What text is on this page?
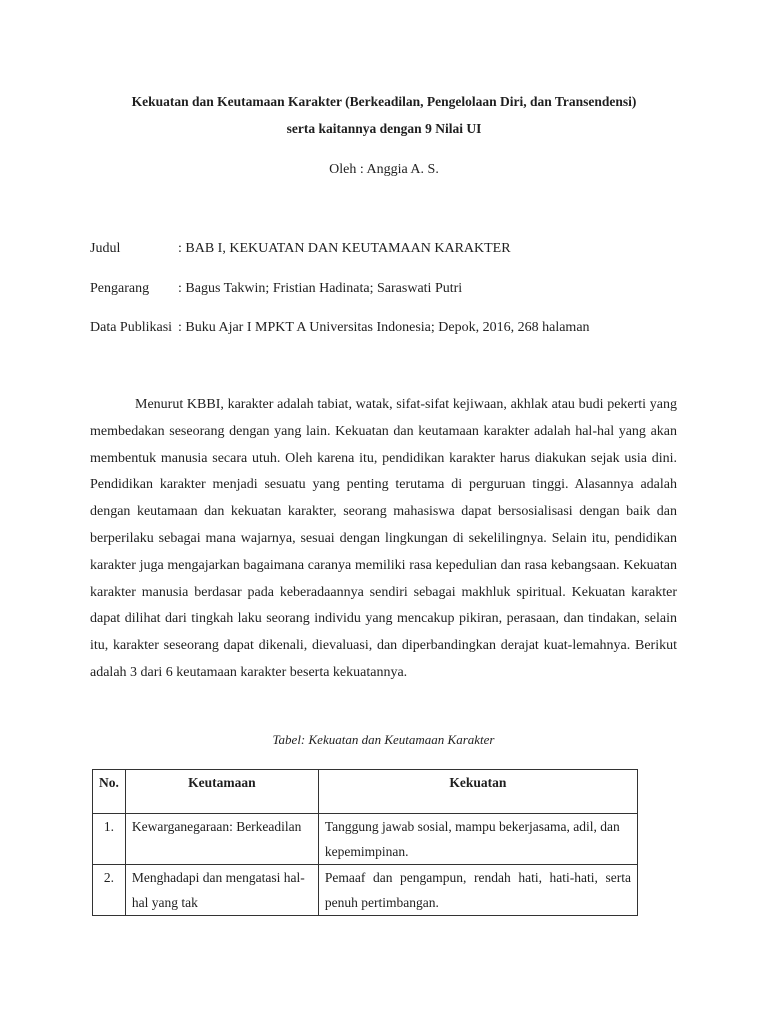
Kekuatan dan Keutamaan Karakter (Berkeadilan, Pengelolaan Diri, dan Transendensi)
serta kaitannya dengan 9 Nilai UI
Oleh : Anggia A. S.
Judul	: BAB I, KEKUATAN DAN KEUTAMAAN KARAKTER
Pengarang : Bagus Takwin; Fristian Hadinata; Saraswati Putri
Data Publikasi : Buku Ajar I MPKT A Universitas Indonesia; Depok, 2016, 268 halaman

Menurut KBBI, karakter adalah tabiat, watak, sifat-sifat kejiwaan, akhlak atau budi pekerti yang membedakan seseorang dengan yang lain. Kekuatan dan keutamaan karakter adalah hal-hal yang akan membentuk manusia secara utuh. Oleh karena itu, pendidikan karakter harus diakukan sejak usia dini. Pendidikan karakter menjadi sesuatu yang penting terutama di perguruan tinggi. Alasannya adalah dengan keutamaan dan kekuatan karakter, seorang mahasiswa dapat bersosialisasi dengan baik dan berperilaku sebagai mana wajarnya, sesuai dengan lingkungan di sekelilingnya. Selain itu, pendidikan karakter juga mengajarkan bagaimana caranya memiliki rasa kepedulian dan rasa kebangsaan. Kekuatan karakter manusia berdasar pada keberadaannya sendiri sebagai makhluk spiritual. Kekuatan karakter dapat dilihat dari tingkah laku seorang individu yang mencakup pikiran, perasaan, dan tindakan, selain itu, karakter seseorang dapat dikenali, dievaluasi, dan diperbandingkan derajat kuat-lemahnya. Berikut adalah 3 dari 6 keutamaan karakter beserta kekuatannya.

Tabel: Kekuatan dan Keutamaan Karakter
No.	Keutamaan	Kekuatan
1.	Kewarganegaraan: Berkeadilan	Tanggung jawab sosial, mampu bekerjasama, adil, dan kepemimpinan.
2.	Menghadapi dan mengatasi hal-hal yang tak	Pemaaf dan pengampun, rendah hati, hati-hati, serta penuh pertimbangan.
